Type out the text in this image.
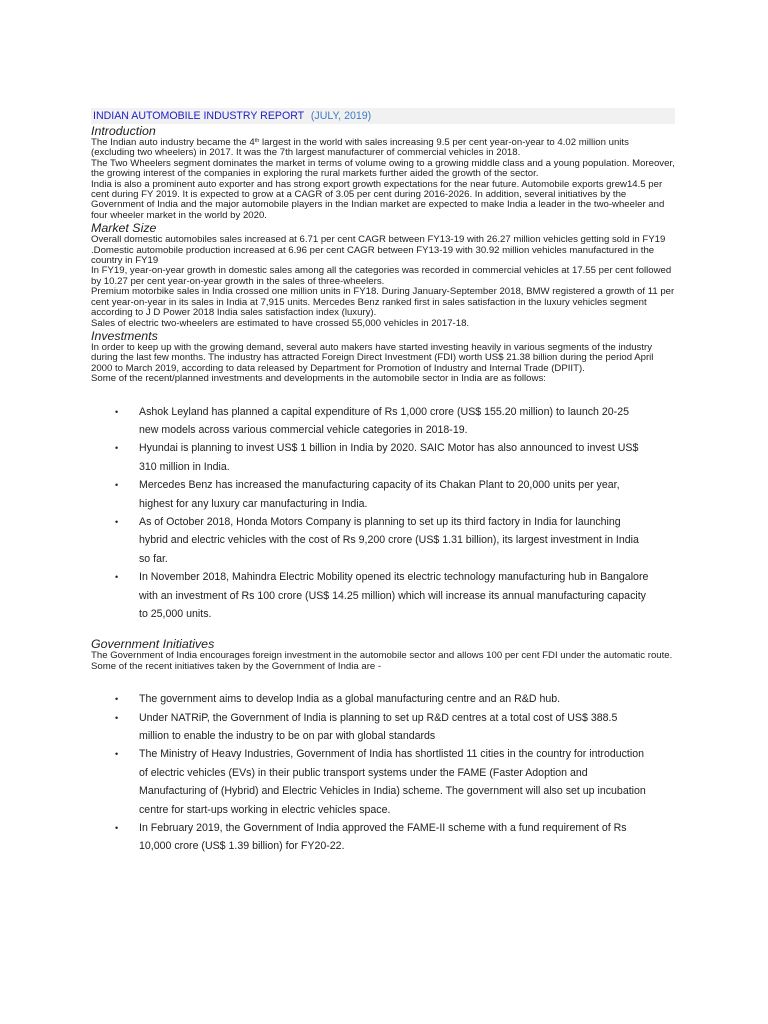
INDIAN AUTOMOBILE INDUSTRY REPORT (JULY, 2019)
Introduction

The Indian auto industry became the 4th largest in the world with sales increasing 9.5 per cent year-on-year to 4.02 million units (excluding two wheelers) in 2017. It was the 7th largest manufacturer of commercial vehicles in 2018.

The Two Wheelers segment dominates the market in terms of volume owing to a growing middle class and a young population. Moreover, the growing interest of the companies in exploring the rural markets further aided the growth of the sector.

India is also a prominent auto exporter and has strong export growth expectations for the near future. Automobile exports grew14.5 per cent during FY 2019. It is expected to grow at a CAGR of 3.05 per cent during 2016-2026. In addition, several initiatives by the Government of India and the major automobile players in the Indian market are expected to make India a leader in the two-wheeler and four wheeler market in the world by 2020.

Market Size

Overall domestic automobiles sales increased at 6.71 per cent CAGR between FY13-19 with 26.27 million vehicles getting sold in FY19 .Domestic automobile production increased at 6.96 per cent CAGR between FY13-19 with 30.92 million vehicles manufactured in the country in FY19

In FY19, year-on-year growth in domestic sales among all the categories was recorded in commercial vehicles at 17.55 per cent followed by 10.27 per cent year-on-year growth in the sales of three-wheelers.

Premium motorbike sales in India crossed one million units in FY18. During January-September 2018, BMW registered a growth of 11 per cent year-on-year in its sales in India at 7,915 units. Mercedes Benz ranked first in sales satisfaction in the luxury vehicles segment according to J D Power 2018 India sales satisfaction index (luxury).

Sales of electric two-wheelers are estimated to have crossed 55,000 vehicles in 2017-18.

Investments

In order to keep up with the growing demand, several auto makers have started investing heavily in various segments of the industry during the last few months. The industry has attracted Foreign Direct Investment (FDI) worth US$ 21.38 billion during the period April 2000 to March 2019, according to data released by Department for Promotion of Industry and Internal Trade (DPIIT).

Some of the recent/planned investments and developments in the automobile sector in India are as follows:

• Ashok Leyland has planned a capital expenditure of Rs 1,000 crore (US$ 155.20 million) to launch 20-25 new models across various commercial vehicle categories in 2018-19.
• Hyundai is planning to invest US$ 1 billion in India by 2020. SAIC Motor has also announced to invest US$ 310 million in India.
• Mercedes Benz has increased the manufacturing capacity of its Chakan Plant to 20,000 units per year, highest for any luxury car manufacturing in India.
• As of October 2018, Honda Motors Company is planning to set up its third factory in India for launching hybrid and electric vehicles with the cost of Rs 9,200 crore (US$ 1.31 billion), its largest investment in India so far.
• In November 2018, Mahindra Electric Mobility opened its electric technology manufacturing hub in Bangalore with an investment of Rs 100 crore (US$ 14.25 million) which will increase its annual manufacturing capacity to 25,000 units.
Government Initiatives

The Government of India encourages foreign investment in the automobile sector and allows 100 per cent FDI under the automatic route.

Some of the recent initiatives taken by the Government of India are -

• The government aims to develop India as a global manufacturing centre and an R&D hub.
• Under NATRiP, the Government of India is planning to set up R&D centres at a total cost of US$ 388.5 million to enable the industry to be on par with global standards
• The Ministry of Heavy Industries, Government of India has shortlisted 11 cities in the country for introduction of electric vehicles (EVs) in their public transport systems under the FAME (Faster Adoption and Manufacturing of (Hybrid) and Electric Vehicles in India) scheme. The government will also set up incubation centre for start-ups working in electric vehicles space.
• In February 2019, the Government of India approved the FAME-II scheme with a fund requirement of Rs 10,000 crore (US$ 1.39 billion) for FY20-22.
